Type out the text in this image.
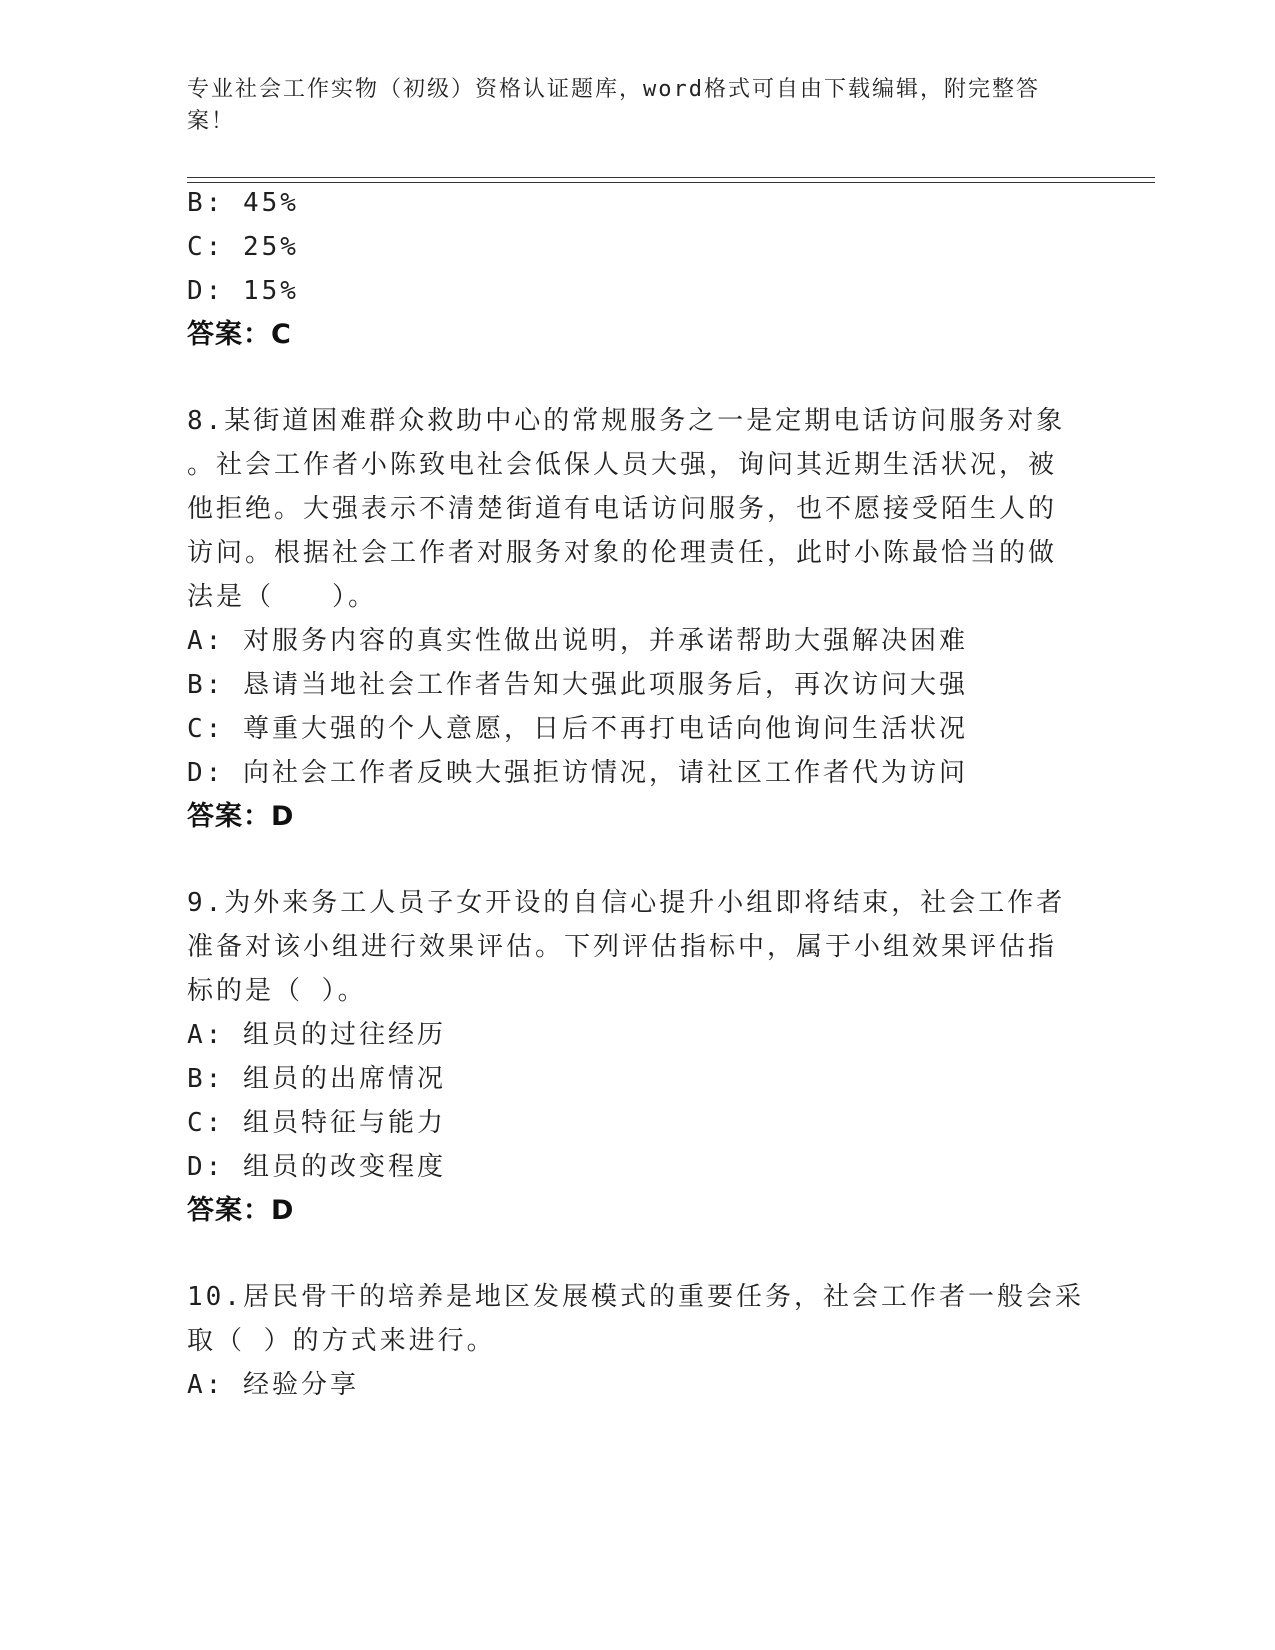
专业社会工作实物（初级）资格认证题库，word格式可自由下载编辑，附完整答案！
B: 45%
C: 25%
D: 15%
答案：C
8.某街道困难群众救助中心的常规服务之一是定期电话访问服务对象
。社会工作者小陈致电社会低保人员大强，询问其近期生活状况，被
他拒绝。大强表示不清楚街道有电话访问服务，也不愿接受陌生人的
访问。根据社会工作者对服务对象的伦理责任，此时小陈最恰当的做
法是（　　）。
A: 对服务内容的真实性做出说明，并承诺帮助大强解决困难
B: 恳请当地社会工作者告知大强此项服务后，再次访问大强
C: 尊重大强的个人意愿，日后不再打电话向他询问生活状况
D: 向社会工作者反映大强拒访情况，请社区工作者代为访问
答案：D
9.为外来务工人员子女开设的自信心提升小组即将结束，社会工作者
准备对该小组进行效果评估。下列评估指标中，属于小组效果评估指
标的是（ ）。
A: 组员的过往经历
B: 组员的出席情况
C: 组员特征与能力
D: 组员的改变程度
答案：D
10.居民骨干的培养是地区发展模式的重要任务，社会工作者一般会采
取（ ）的方式来进行。
A: 经验分享
